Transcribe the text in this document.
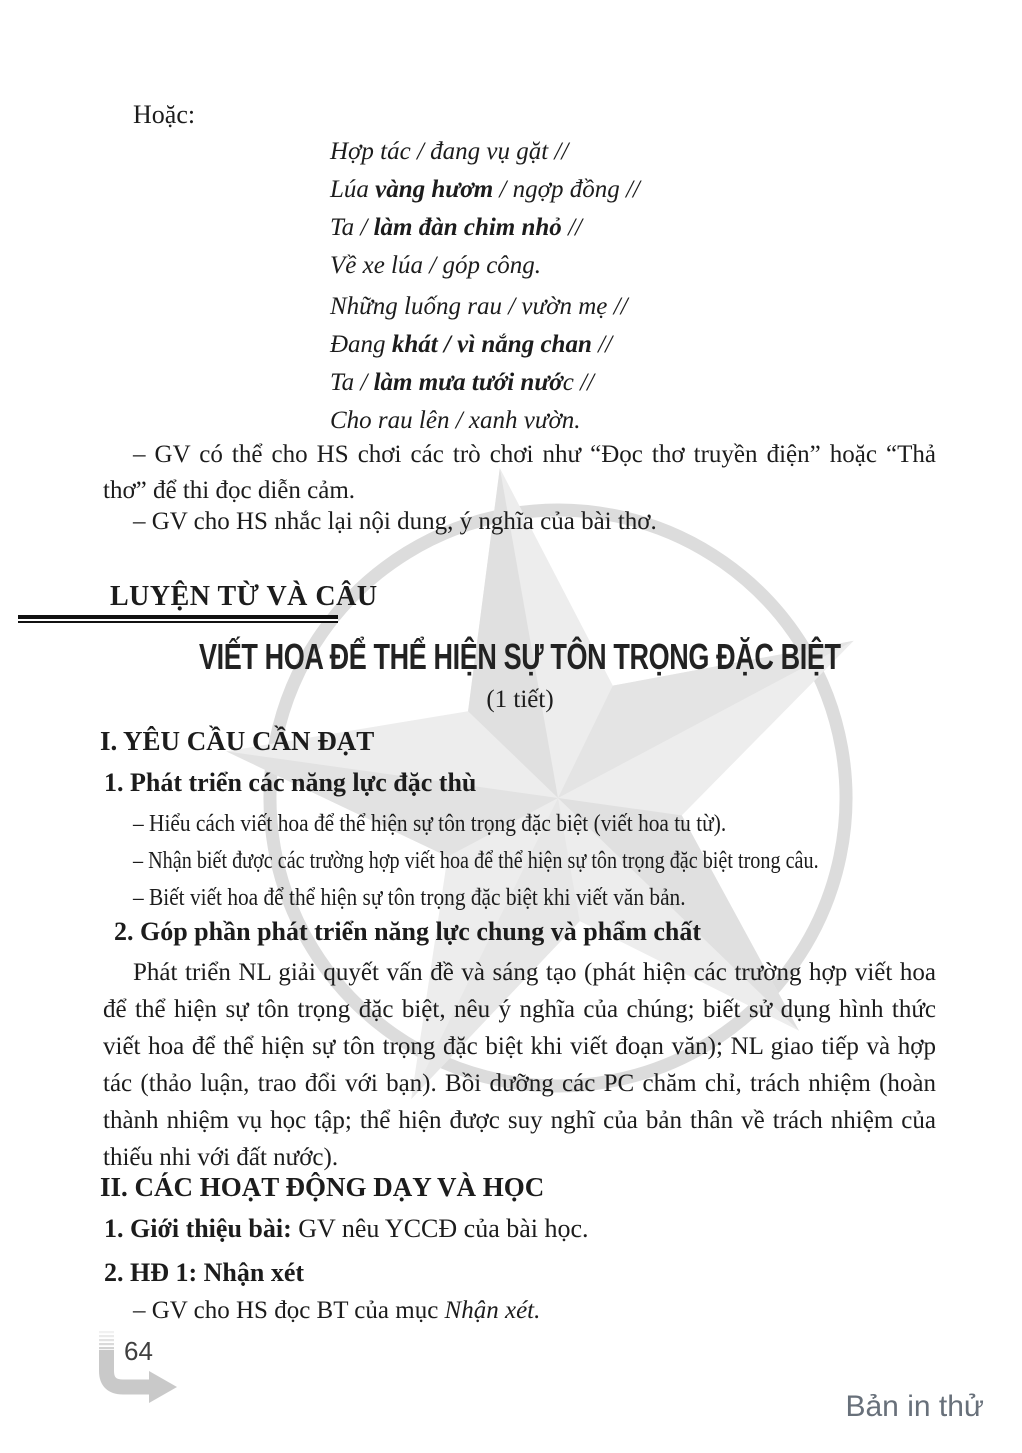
Hoặc:
Hợp tác / đang vụ gặt //
Lúa vàng hươm / ngợp đồng //
Ta / làm đàn chim nhỏ //
Về xe lúa / góp công.
Những luống rau / vườn mẹ //
Đang khát / vì nắng chan //
Ta / làm mưa tưới nước //
Cho rau lên / xanh vườn.
– GV có thể cho HS chơi các trò chơi như “Đọc thơ truyền điện” hoặc “Thả thơ” để thi đọc diễn cảm.
– GV cho HS nhắc lại nội dung, ý nghĩa của bài thơ.
LUYỆN TỪ VÀ CÂU
VIẾT HOA ĐỂ THỂ HIỆN SỰ TÔN TRỌNG ĐẶC BIỆT
(1 tiết)
I. YÊU CẦU CẦN ĐẠT
1. Phát triển các năng lực đặc thù
– Hiểu cách viết hoa để thể hiện sự tôn trọng đặc biệt (viết hoa tu từ).
– Nhận biết được các trường hợp viết hoa để thể hiện sự tôn trọng đặc biệt trong câu.
– Biết viết hoa để thể hiện sự tôn trọng đặc biệt khi viết văn bản.
2. Góp phần phát triển năng lực chung và phẩm chất
Phát triển NL giải quyết vấn đề và sáng tạo (phát hiện các trường hợp viết hoa để thể hiện sự tôn trọng đặc biệt, nêu ý nghĩa của chúng; biết sử dụng hình thức viết hoa để thể hiện sự tôn trọng đặc biệt khi viết đoạn văn); NL giao tiếp và hợp tác (thảo luận, trao đổi với bạn). Bồi dưỡng các PC chăm chỉ, trách nhiệm (hoàn thành nhiệm vụ học tập; thể hiện được suy nghĩ của bản thân về trách nhiệm của thiếu nhi với đất nước).
II. CÁC HOẠT ĐỘNG DẠY VÀ HỌC
1. Giới thiệu bài: GV nêu YCCĐ của bài học.
2. HĐ 1: Nhận xét
– GV cho HS đọc BT của mục Nhận xét.
64
Bản in thử
